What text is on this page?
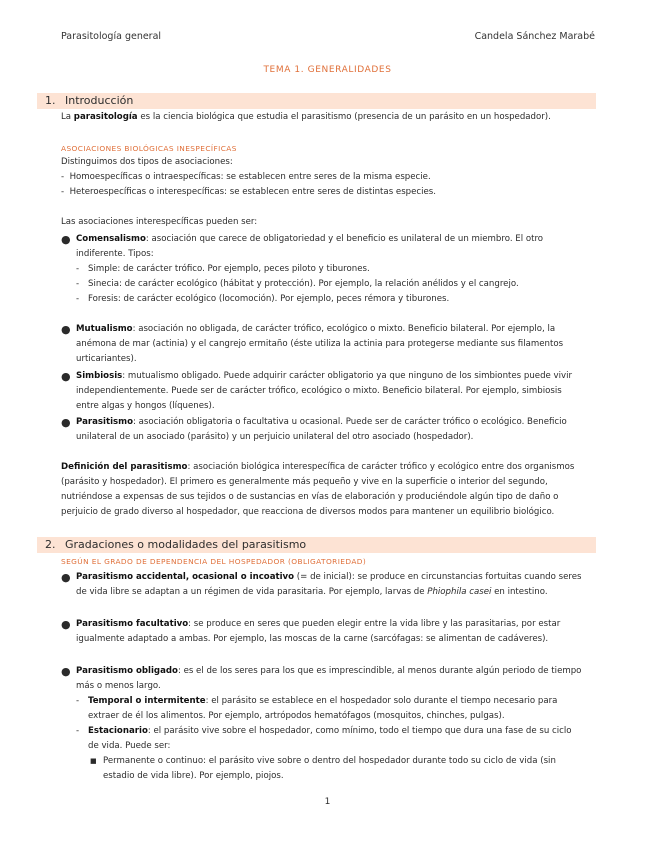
Parasitología general	Candela Sánchez Marabé
TEMA 1. GENERALIDADES
1. Introducción
La parasitología es la ciencia biológica que estudia el parasitismo (presencia de un parásito en un hospedador).
ASOCIACIONES BIOLÓGICAS INESPECÍFICAS
Distinguimos dos tipos de asociaciones:
-  Homoespecíficas o intraespecíficas: se establecen entre seres de la misma especie.
-  Heteroespecíficas o interespecíficas: se establecen entre seres de distintas especies.
Las asociaciones interespecíficas pueden ser:
● Comensalismo: asociación que carece de obligatoriedad y el beneficio es unilateral de un miembro. El otro
indiferente. Tipos:
- Simple: de carácter trófico. Por ejemplo, peces piloto y tiburones.
- Sinecia: de carácter ecológico (hábitat y protección). Por ejemplo, la relación anélidos y el cangrejo.
- Foresis: de carácter ecológico (locomoción). Por ejemplo, peces rémora y tiburones.
● Mutualismo: asociación no obligada, de carácter trófico, ecológico o mixto. Beneficio bilateral. Por ejemplo, la
anémona de mar (actinia) y el cangrejo ermitaño (éste utiliza la actinia para protegerse mediante sus filamentos
urticariantes).
● Simbiosis: mutualismo obligado. Puede adquirir carácter obligatorio ya que ninguno de los simbiontes puede vivir
independientemente. Puede ser de carácter trófico, ecológico o mixto. Beneficio bilateral. Por ejemplo, simbiosis
entre algas y hongos (líquenes).
● Parasitismo: asociación obligatoria o facultativa u ocasional. Puede ser de carácter trófico o ecológico. Beneficio
unilateral de un asociado (parásito) y un perjuicio unilateral del otro asociado (hospedador).
Definición del parasitismo: asociación biológica interespecífica de carácter trófico y ecológico entre dos organismos
(parásito y hospedador). El primero es generalmente más pequeño y vive en la superficie o interior del segundo,
nutriéndose a expensas de sus tejidos o de sustancias en vías de elaboración y produciéndole algún tipo de daño o
perjuicio de grado diverso al hospedador, que reacciona de diversos modos para mantener un equilibrio biológico.
2. Gradaciones o modalidades del parasitismo
SEGÚN EL GRADO DE DEPENDENCIA DEL HOSPEDADOR (OBLIGATORIEDAD)
● Parasitismo accidental, ocasional o incoativo (= de inicial): se produce en circunstancias fortuitas cuando seres
de vida libre se adaptan a un régimen de vida parasitaria. Por ejemplo, larvas de Phiophila casei en intestino.
● Parasitismo facultativo: se produce en seres que pueden elegir entre la vida libre y las parasitarias, por estar
igualmente adaptado a ambas. Por ejemplo, las moscas de la carne (sarcófagas: se alimentan de cadáveres).
● Parasitismo obligado: es el de los seres para los que es imprescindible, al menos durante algún periodo de tiempo
más o menos largo.
- Temporal o intermitente: el parásito se establece en el hospedador solo durante el tiempo necesario para
extraer de él los alimentos. Por ejemplo, artrópodos hematófagos (mosquitos, chinches, pulgas).
- Estacionario: el parásito vive sobre el hospedador, como mínimo, todo el tiempo que dura una fase de su ciclo
de vida. Puede ser:
■ Permanente o continuo: el parásito vive sobre o dentro del hospedador durante todo su ciclo de vida (sin
estadio de vida libre). Por ejemplo, piojos.
1
